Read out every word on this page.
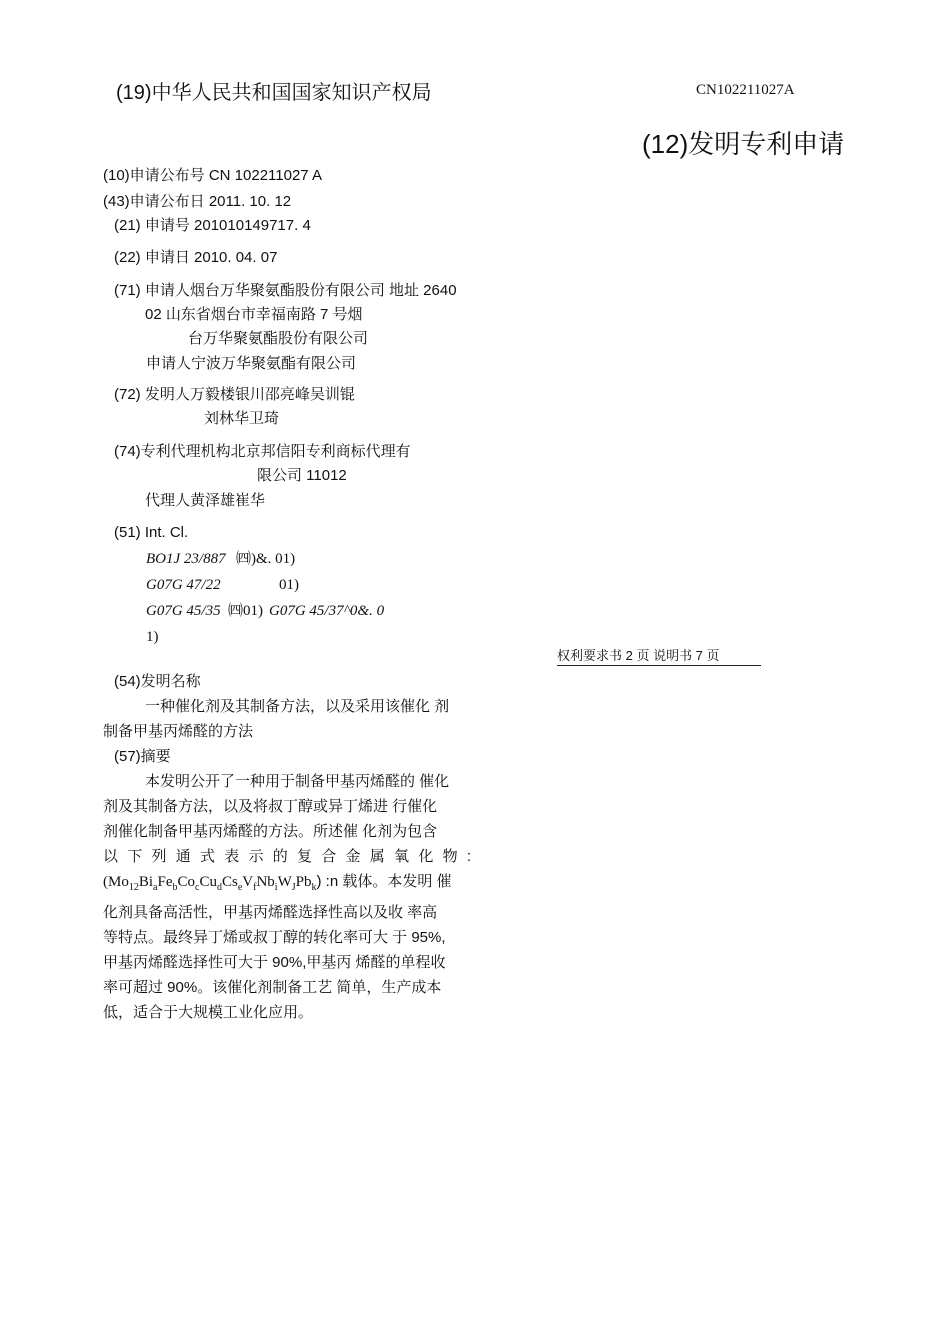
(19)中华人民共和国国家知识产权局	CN102211027A
(12)发明专利申请
(10)申请公布号 CN 102211027 A
(43)申请公布日 2011. 10. 12
(21) 申请号 201010149717. 4
(22) 申请日 2010. 04. 07
(71) 申请人烟台万华聚氨酯股份有限公司 地址 2640
02 山东省烟台市幸福南路 7 号烟
台万华聚氨酯股份有限公司
申请人宁波万华聚氨酯有限公司
(72) 发明人万毅楼银川邵亮峰吴训锟
刘林华卫琦
(74)专利代理机构北京邦信阳专利商标代理有
限公司 11012
代理人黄泽雄崔华
(51) Int. Cl.
BO1J 23/887 ㈣)&. 01)
G07G 47/22	01)
G07G 45/35 ㈣01) G07G 45/37^0&. 0
1)
权利要求书 2 页 说明书 7 页
(54)发明名称
一种催化剂及其制备方法，以及采用该催化 剂
制备甲基丙烯醛的方法
(57)摘要
本发明公开了一种用于制备甲基丙烯醛的 催化
剂及其制备方法，以及将叔丁醇或异丁烯进 行催化
剂催化制备甲基丙烯醛的方法。所述催 化剂为包含
以 下 列 通 式 表 示 的 复 合 金 属 氧 化 物 :
$(Mo_{12}Bi_aFe_bCo_cCu_dCs_eV_fNb_iW_JPb_k)$ :n 载体。本发明 催
化剂具备高活性，甲基丙烯醛选择性高以及收 率高
等特点。最终异丁烯或叔丁醇的转化率可大 于 95%,
甲基丙烯醛选择性可大于 90%,甲基丙 烯醛的单程收
率可超过 90%。该催化剂制备工艺 简单，生产成本
低，适合于大规模工业化应用。
